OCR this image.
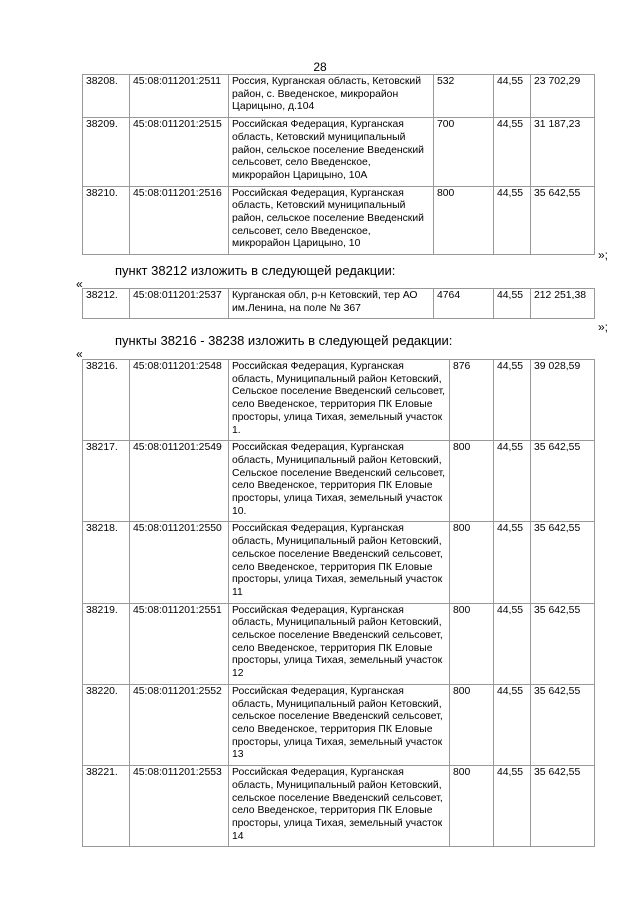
28
38208.	45:08:011201:2511	Россия, Курганская область, Кетовский район, с. Введенское, микрорайон Царицыно, д.104	532	44,55	23 702,29
38209.	45:08:011201:2515	Российская Федерация, Курганская область, Кетовский муниципальный район, сельское поселение Введенский сельсовет, село Введенское, микрорайон Царицыно, 10А	700	44,55	31 187,23
38210.	45:08:011201:2516	Российская Федерация, Курганская область, Кетовский муниципальный район, сельское поселение Введенский сельсовет, село Введенское, микрорайон Царицыно, 10	800	44,55	35 642,55
»;
пункт 38212 изложить в следующей редакции:
«
38212.	45:08:011201:2537	Курганская обл, р-н Кетовский, тер АО им.Ленина, на поле № 367	4764	44,55	212 251,38
»;
пункты 38216 - 38238 изложить в следующей редакции:
«
38216.	45:08:011201:2548	Российская Федерация, Курганская область, Муниципальный район Кетовский, Сельское поселение Введенский сельсовет, село Введенское, территория ПК Еловые просторы, улица Тихая, земельный участок 1.	876	44,55	39 028,59
38217.	45:08:011201:2549	Российская Федерация, Курганская область, Муниципальный район Кетовский, Сельское поселение Введенский сельсовет, село Введенское, территория ПК Еловые просторы, улица Тихая, земельный участок 10.	800	44,55	35 642,55
38218.	45:08:011201:2550	Российская Федерация, Курганская область, Муниципальный район Кетовский, сельское поселение Введенский сельсовет, село Введенское, территория ПК Еловые просторы, улица Тихая, земельный участок 11	800	44,55	35 642,55
38219.	45:08:011201:2551	Российская Федерация, Курганская область, Муниципальный район Кетовский, сельское поселение Введенский сельсовет, село Введенское, территория ПК Еловые просторы, улица Тихая, земельный участок 12	800	44,55	35 642,55
38220.	45:08:011201:2552	Российская Федерация, Курганская область, Муниципальный район Кетовский, сельское поселение Введенский сельсовет, село Введенское, территория ПК Еловые просторы, улица Тихая, земельный участок 13	800	44,55	35 642,55
38221.	45:08:011201:2553	Российская Федерация, Курганская область, Муниципальный район Кетовский, сельское поселение Введенский сельсовет, село Введенское, территория ПК Еловые просторы, улица Тихая, земельный участок 14	800	44,55	35 642,55
